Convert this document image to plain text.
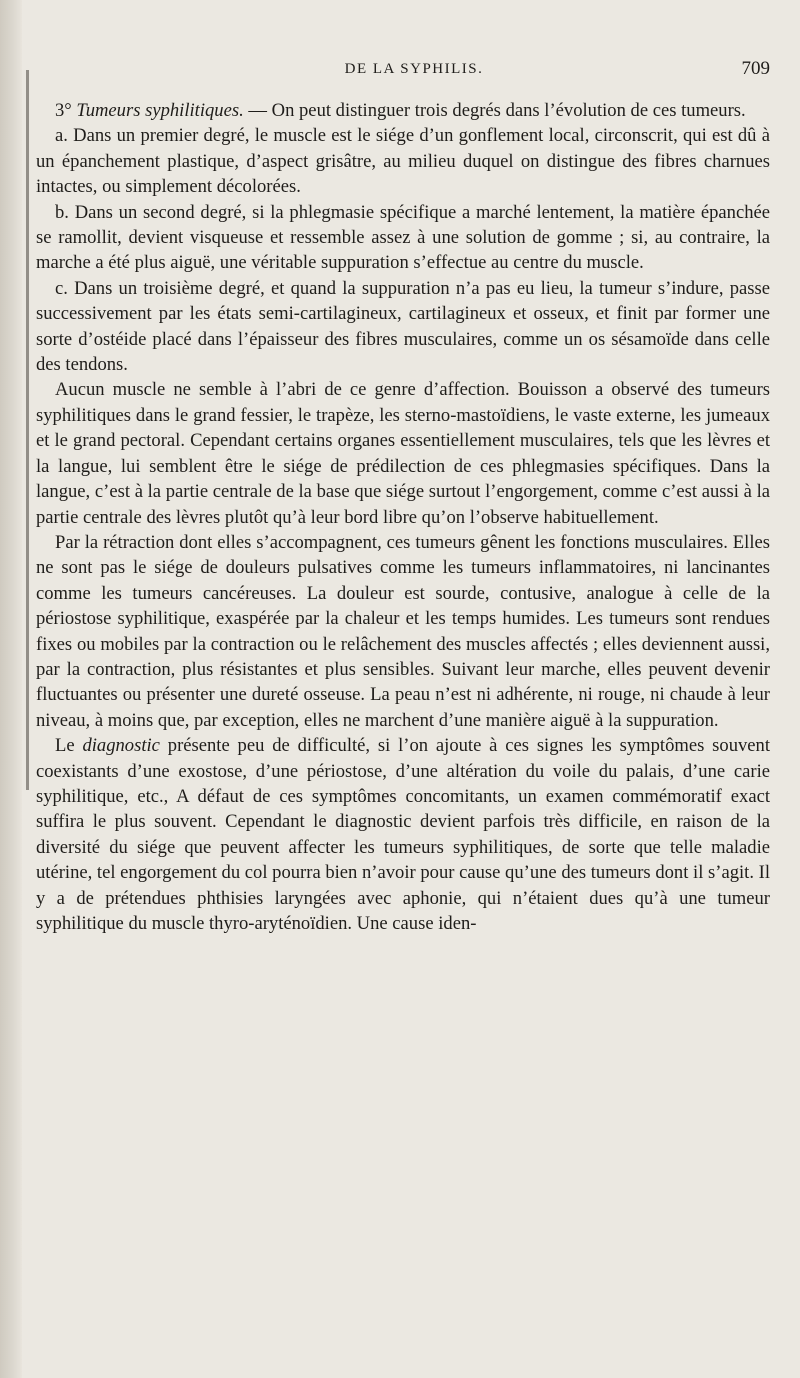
DE LA SYPHILIS.	709

3° Tumeurs syphilitiques. — On peut distinguer trois degrés dans l’évolution de ces tumeurs.

a. Dans un premier degré, le muscle est le siége d’un gonflement local, circonscrit, qui est dû à un épanchement plastique, d’aspect grisâtre, au milieu duquel on distingue des fibres charnues intactes, ou simplement décolorées.

b. Dans un second degré, si la phlegmasie spécifique a marché lentement, la matière épanchée se ramollit, devient visqueuse et ressemble assez à une solution de gomme ; si, au contraire, la marche a été plus aiguë, une véritable suppuration s’effectue au centre du muscle.

c. Dans un troisième degré, et quand la suppuration n’a pas eu lieu, la tumeur s’indure, passe successivement par les états semi-cartilagineux, cartilagineux et osseux, et finit par former une sorte d’ostéide placé dans l’épaisseur des fibres musculaires, comme un os sésamoïde dans celle des tendons.

Aucun muscle ne semble à l’abri de ce genre d’affection. Bouisson a observé des tumeurs syphilitiques dans le grand fessier, le trapèze, les sterno-mastoïdiens, le vaste externe, les jumeaux et le grand pectoral. Cependant certains organes essentiellement musculaires, tels que les lèvres et la langue, lui semblent être le siége de prédilection de ces phlegmasies spécifiques. Dans la langue, c’est à la partie centrale de la base que siége surtout l’engorgement, comme c’est aussi à la partie centrale des lèvres plutôt qu’à leur bord libre qu’on l’observe habituellement.

Par la rétraction dont elles s’accompagnent, ces tumeurs gênent les fonctions musculaires. Elles ne sont pas le siége de douleurs pulsatives comme les tumeurs inflammatoires, ni lancinantes comme les tumeurs cancéreuses. La douleur est sourde, contusive, analogue à celle de la périostose syphilitique, exaspérée par la chaleur et les temps humides. Les tumeurs sont rendues fixes ou mobiles par la contraction ou le relâchement des muscles affectés ; elles deviennent aussi, par la contraction, plus résistantes et plus sensibles. Suivant leur marche, elles peuvent devenir fluctuantes ou présenter une dureté osseuse. La peau n’est ni adhérente, ni rouge, ni chaude à leur niveau, à moins que, par exception, elles ne marchent d’une manière aiguë à la suppuration.

Le diagnostic présente peu de difficulté, si l’on ajoute à ces signes les symptômes souvent coexistants d’une exostose, d’une périostose, d’une altération du voile du palais, d’une carie syphilitique, etc., A défaut de ces symptômes concomitants, un examen commémoratif exact suffira le plus souvent. Cependant le diagnostic devient parfois très difficile, en raison de la diversité du siége que peuvent affecter les tumeurs syphilitiques, de sorte que telle maladie utérine, tel engorgement du col pourra bien n’avoir pour cause qu’une des tumeurs dont il s’agit. Il y a de prétendues phthisies laryngées avec aphonie, qui n’étaient dues qu’à une tumeur syphilitique du muscle thyro-aryténoïdien. Une cause iden-
